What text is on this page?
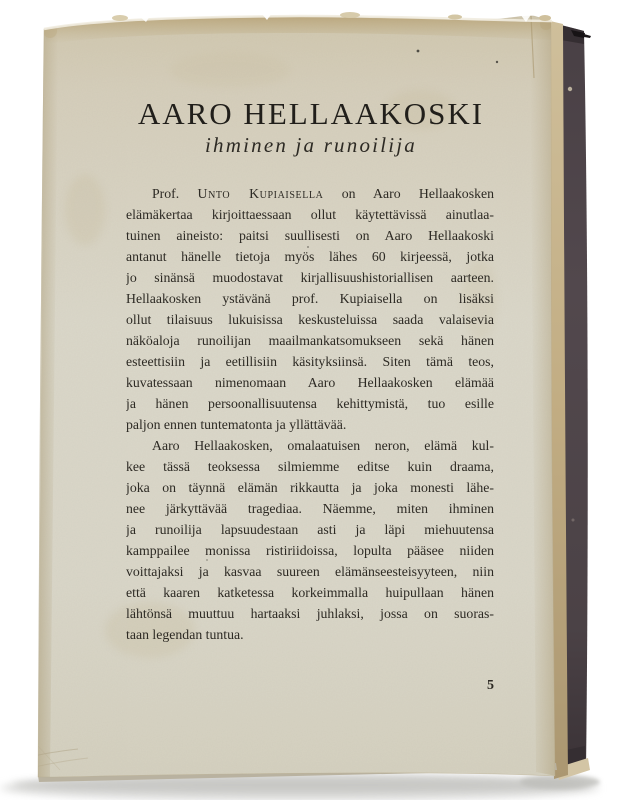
AARO HELLAAKOSKI
ihminen ja runoilija
Prof. Unto Kupiaisella on Aaro Hellaakosken
elämäkertaa kirjoittaessaan ollut käytettävissä ainutlaa-
tuinen aineisto: paitsi suullisesti on Aaro Hellaakoski
antanut hänelle tietoja myös lähes 60 kirjeessä, jotka
jo sinänsä muodostavat kirjallisuushistoriallisen aarteen.
Hellaakosken ystävänä prof. Kupiaisella on lisäksi
ollut tilaisuus lukuisissa keskusteluissa saada valaisevia
näköaloja runoilijan maailmankatsomukseen sekä hänen
esteettisiin ja eetillisiin käsityksiinsä. Siten tämä teos,
kuvatessaan nimenomaan Aaro Hellaakosken elämää
ja hänen persoonallisuutensa kehittymistä, tuo esille
paljon ennen tuntematonta ja yllättävää.
Aaro Hellaakosken, omalaatuisen neron, elämä kul-
kee tässä teoksessa silmiemme editse kuin draama,
joka on täynnä elämän rikkautta ja joka monesti lähe-
nee järkyttävää tragediaa. Näemme, miten ihminen
ja runoilija lapsuudestaan asti ja läpi miehuutensa
kamppailee monissa ristiriidoissa, lopulta pääsee niiden
voittajaksi ja kasvaa suureen elämänseesteisyyteen, niin
että kaaren katketessa korkeimmalla huipullaan hänen
lähtönsä muuttuu hartaaksi juhlaksi, jossa on suoras-
taan legendan tuntua.
5
